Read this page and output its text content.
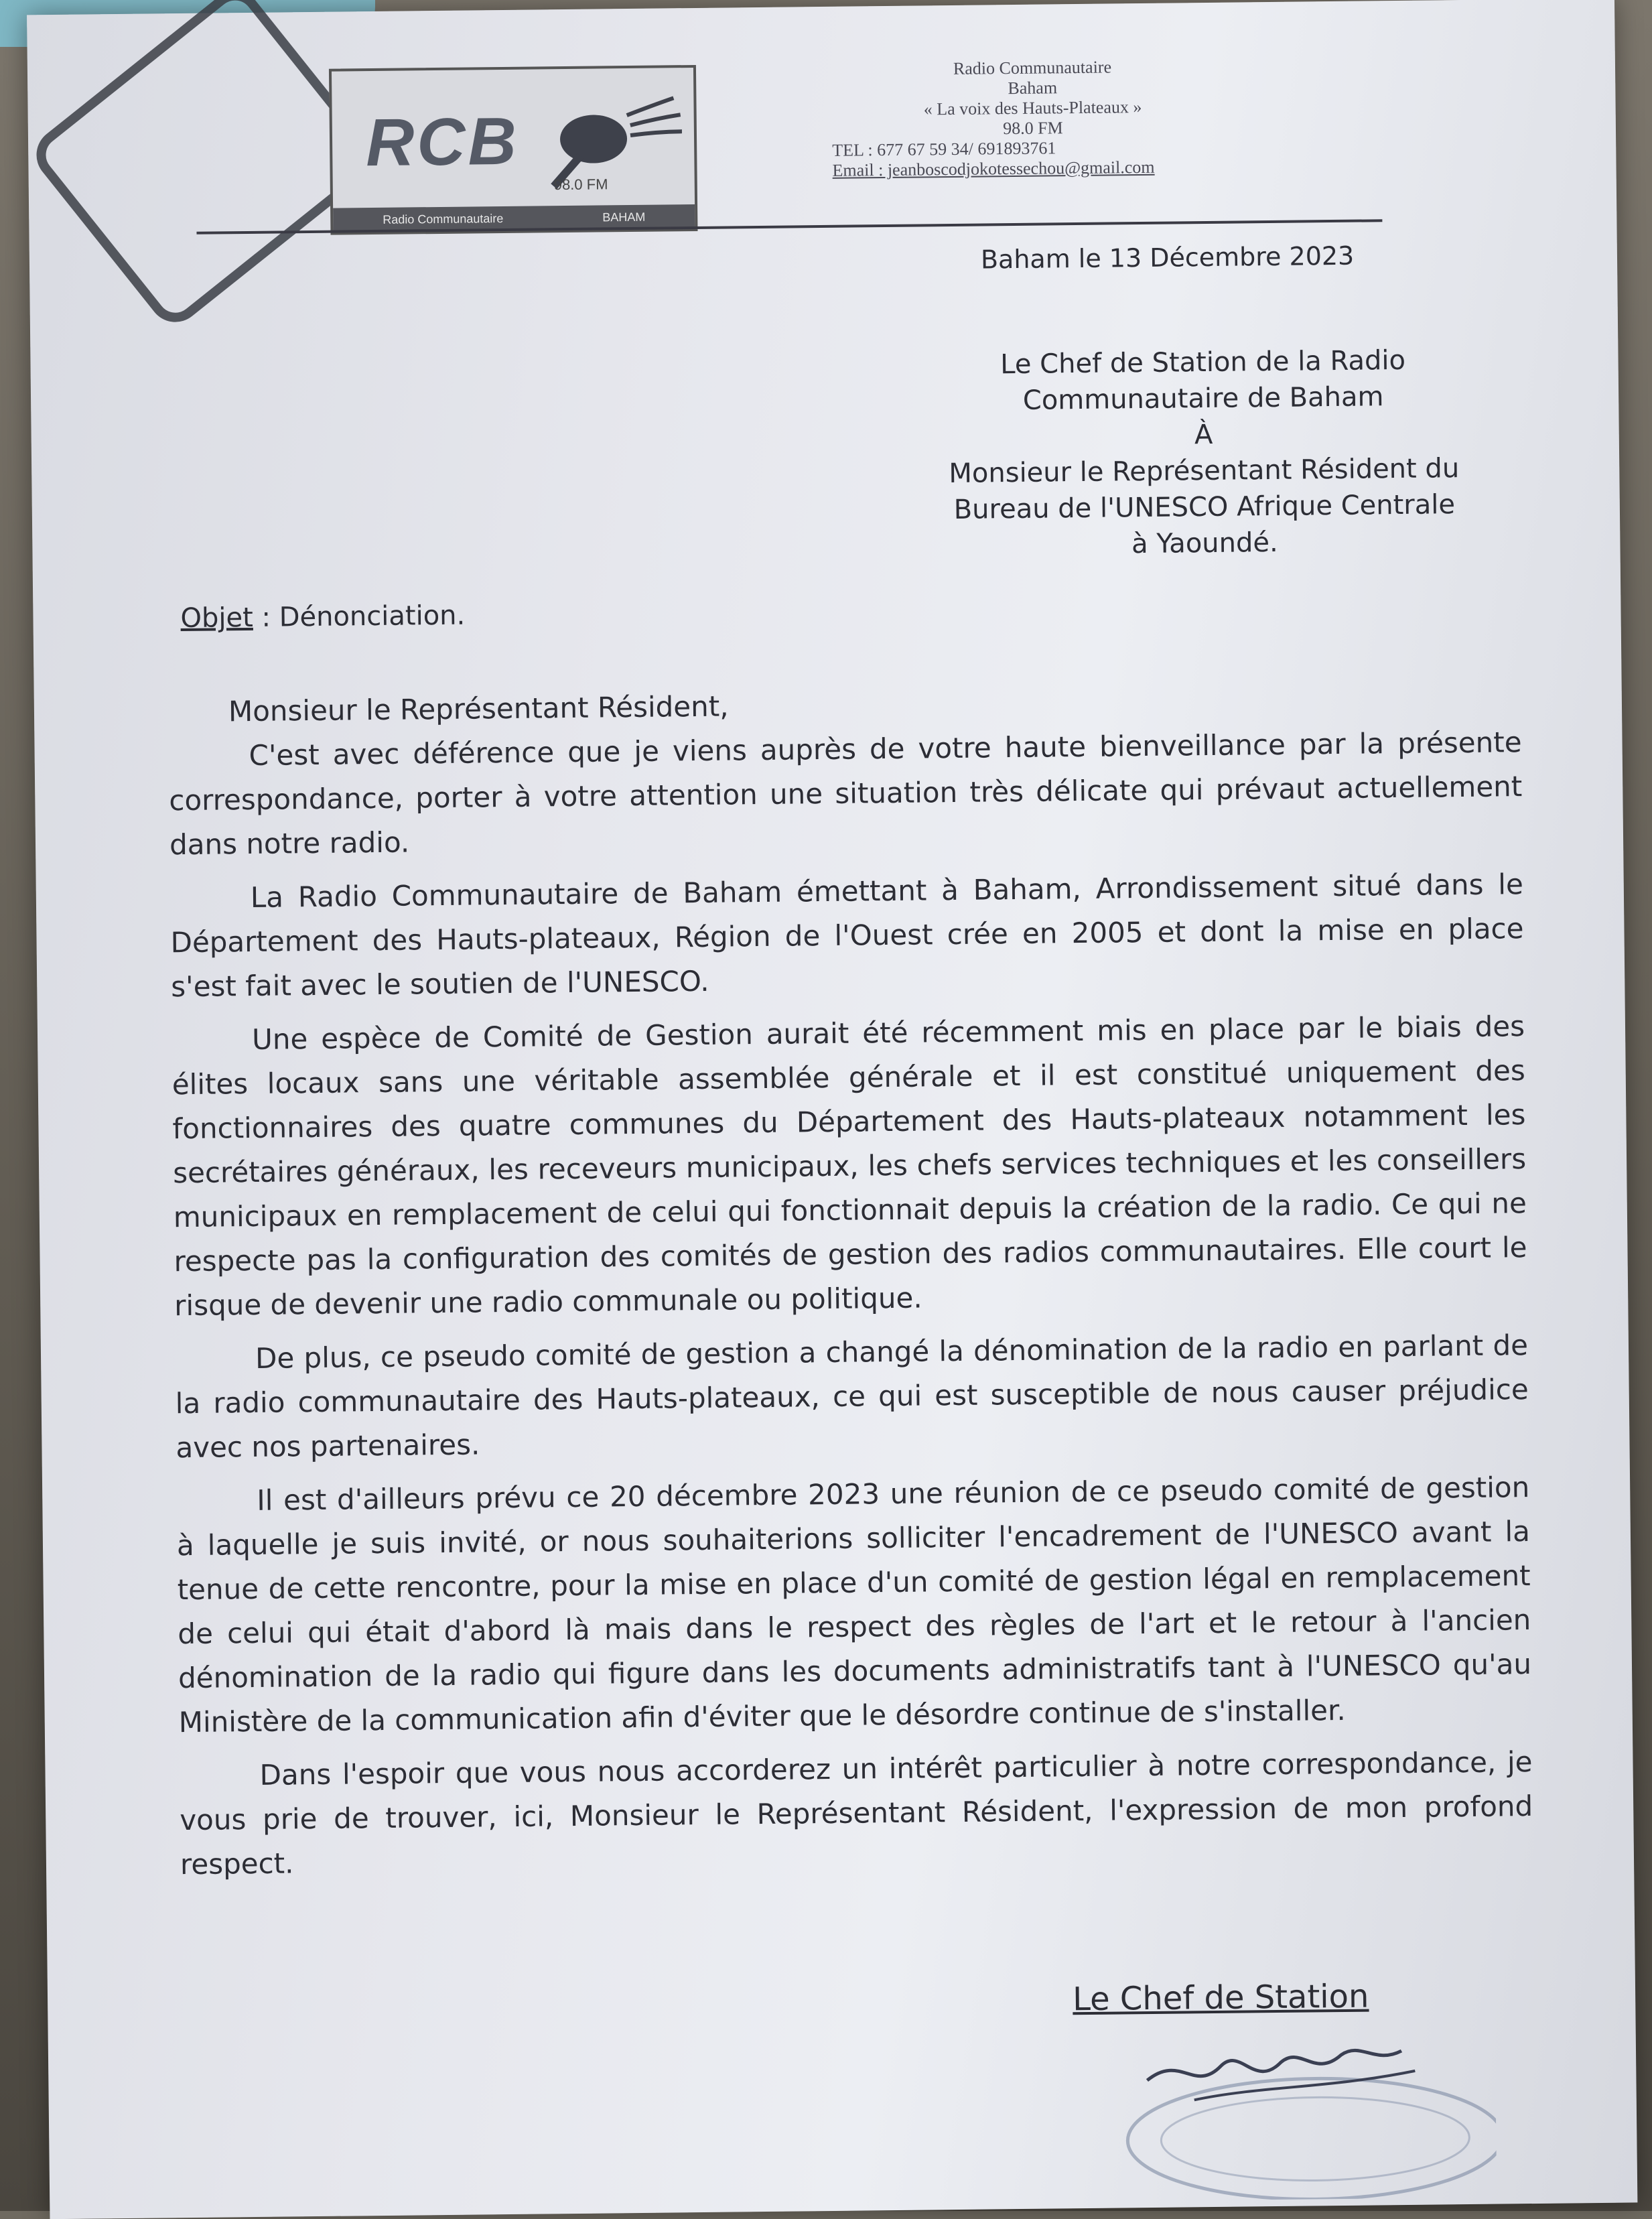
RCB
98.0 FM
Radio Communautaire	BAHAM
Radio Communautaire
Baham
« La voix des Hauts-Plateaux »
98.0 FM
TEL : 677 67 59 34/ 691893761
Email : jeanboscodjokotessechou@gmail.com
Baham le 13 Décembre 2023
Le Chef de Station de la Radio
Communautaire de Baham
À
Monsieur le Représentant Résident du
Bureau de l'UNESCO Afrique Centrale
à Yaoundé.
Objet : Dénonciation.

Monsieur le Représentant Résident,

C'est avec déférence que je viens auprès de votre haute bienveillance par la présente correspondance, porter à votre attention une situation très délicate qui prévaut actuellement dans notre radio.

La Radio Communautaire de Baham émettant à Baham, Arrondissement situé dans le Département des Hauts-plateaux, Région de l'Ouest crée en 2005 et dont la mise en place s'est fait avec le soutien de l'UNESCO.

Une espèce de Comité de Gestion aurait été récemment mis en place par le biais des élites locaux sans une véritable assemblée générale et il est constitué uniquement des fonctionnaires des quatre communes du Département des Hauts-plateaux notamment les secrétaires généraux, les receveurs municipaux, les chefs services techniques et les conseillers municipaux en remplacement de celui qui fonctionnait depuis la création de la radio. Ce qui ne respecte pas la configuration des comités de gestion des radios communautaires. Elle court le risque de devenir une radio communale ou politique.

De plus, ce pseudo comité de gestion a changé la dénomination de la radio en parlant de la radio communautaire des Hauts-plateaux, ce qui est susceptible de nous causer préjudice avec nos partenaires.

Il est d'ailleurs prévu ce 20 décembre 2023 une réunion de ce pseudo comité de gestion à laquelle je suis invité, or nous souhaiterions solliciter l'encadrement de l'UNESCO avant la tenue de cette rencontre, pour la mise en place d'un comité de gestion légal en remplacement de celui qui était d'abord là mais dans le respect des règles de l'art et le retour à l'ancien dénomination de la radio qui figure dans les documents administratifs tant à l'UNESCO qu'au Ministère de la communication afin d'éviter que le désordre continue de s'installer.

Dans l'espoir que vous nous accorderez un intérêt particulier à notre correspondance, je vous prie de trouver, ici, Monsieur le Représentant Résident, l'expression de mon profond respect.

Le Chef de Station
